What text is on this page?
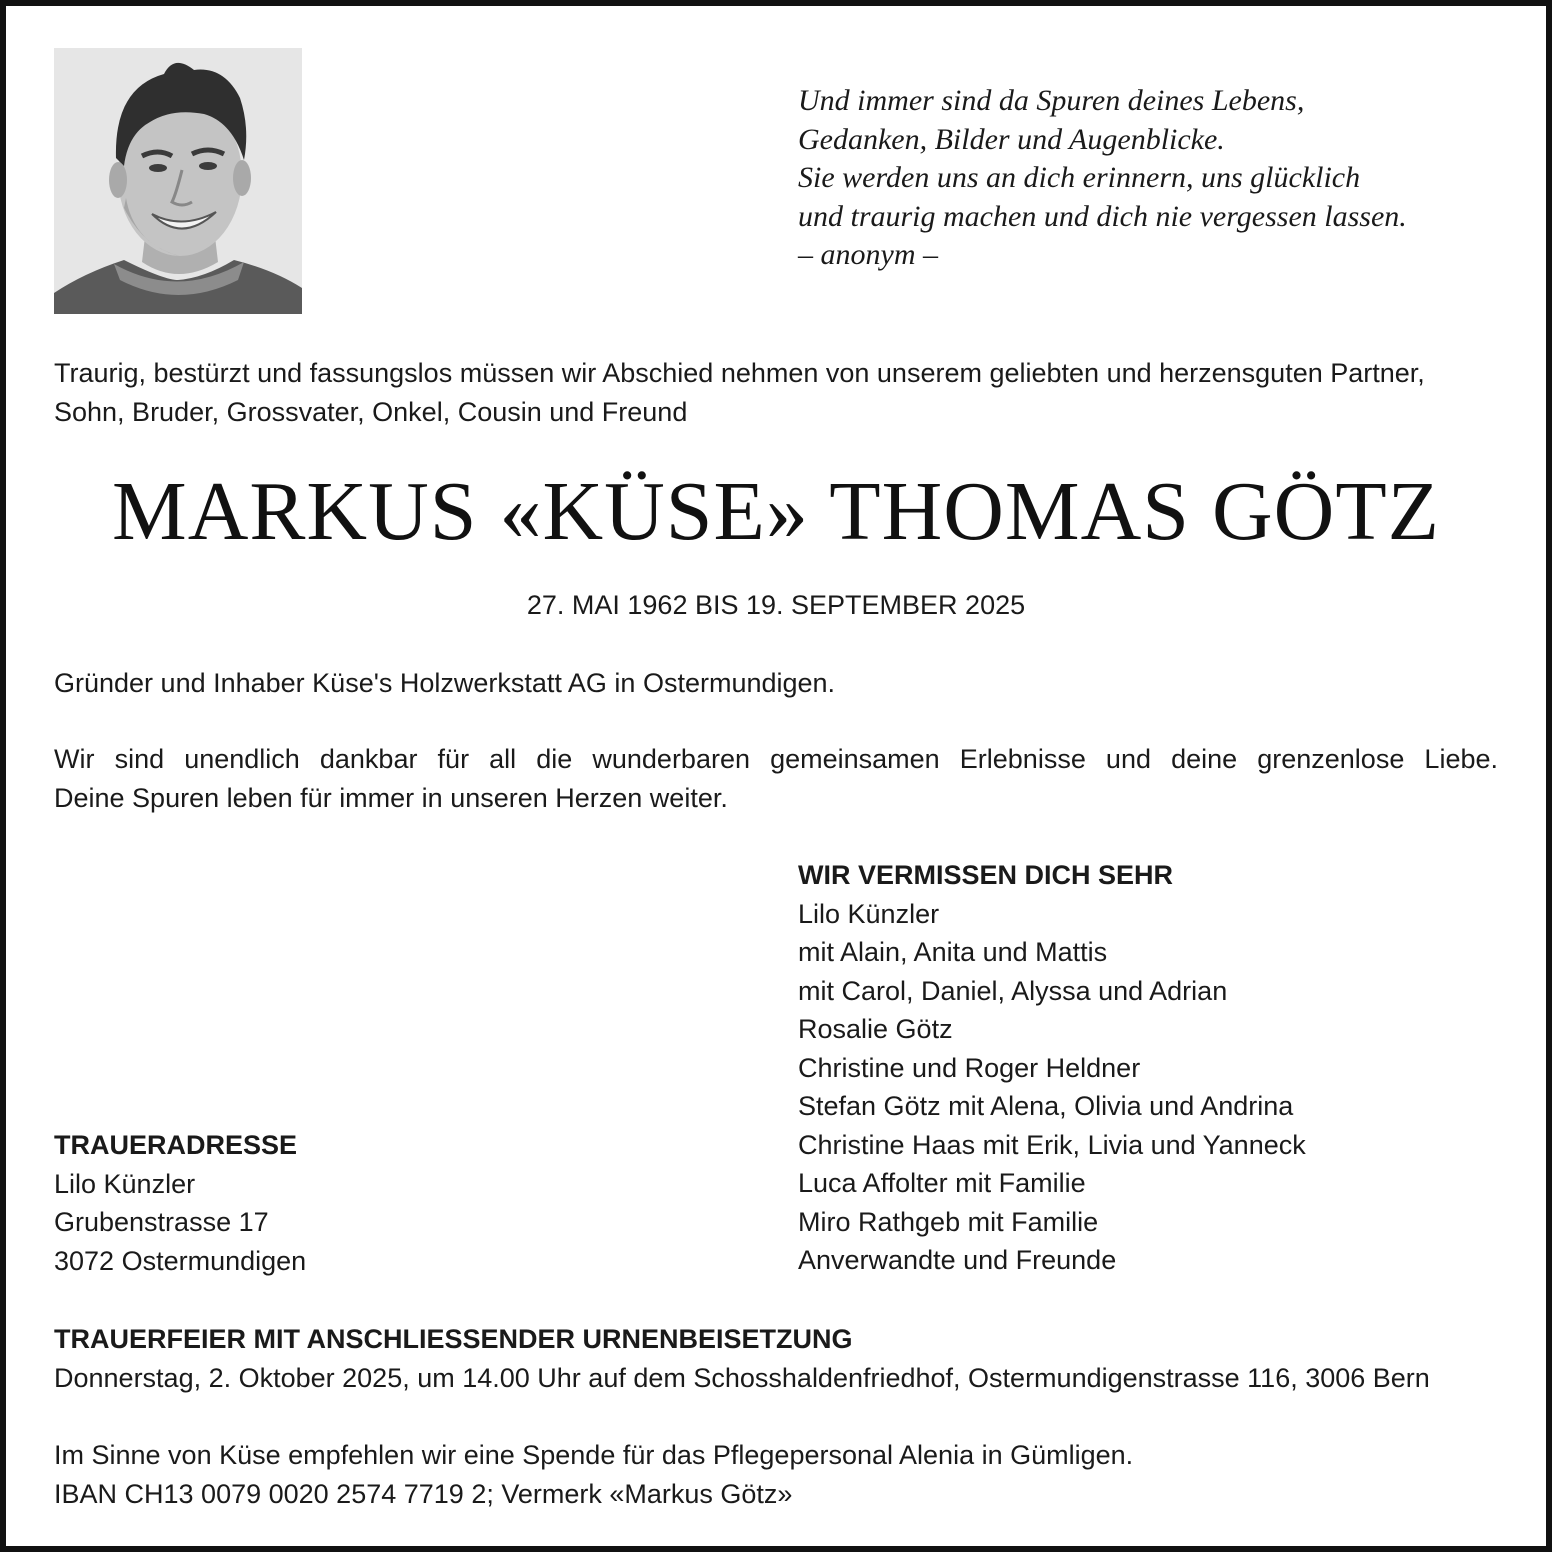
Und immer sind da Spuren deines Lebens,
Gedanken, Bilder und Augenblicke.
Sie werden uns an dich erinnern, uns glücklich
und traurig machen und dich nie vergessen lassen.
– anonym –
Traurig, bestürzt und fassungslos müssen wir Abschied nehmen von unserem geliebten und herzensguten Partner,
Sohn, Bruder, Grossvater, Onkel, Cousin und Freund
MARKUS «KÜSE» THOMAS GÖTZ
27. MAI 1962 BIS 19. SEPTEMBER 2025
Gründer und Inhaber Küse's Holzwerkstatt AG in Ostermundigen.
Wir sind unendlich dankbar für all die wunderbaren gemeinsamen Erlebnisse und deine grenzenlose Liebe.
Deine Spuren leben für immer in unseren Herzen weiter.
WIR VERMISSEN DICH SEHR
Lilo Künzler
mit Alain, Anita und Mattis
mit Carol, Daniel, Alyssa und Adrian
Rosalie Götz
Christine und Roger Heldner
Stefan Götz mit Alena, Olivia und Andrina
Christine Haas mit Erik, Livia und Yanneck
Luca Affolter mit Familie
Miro Rathgeb mit Familie
Anverwandte und Freunde
TRAUERADRESSE
Lilo Künzler
Grubenstrasse 17
3072 Ostermundigen
TRAUERFEIER MIT ANSCHLIESSENDER URNENBEISETZUNG
Donnerstag, 2. Oktober 2025, um 14.00 Uhr auf dem Schosshaldenfriedhof, Ostermundigenstrasse 116, 3006 Bern
Im Sinne von Küse empfehlen wir eine Spende für das Pflegepersonal Alenia in Gümligen.
IBAN CH13 0079 0020 2574 7719 2; Vermerk «Markus Götz»
